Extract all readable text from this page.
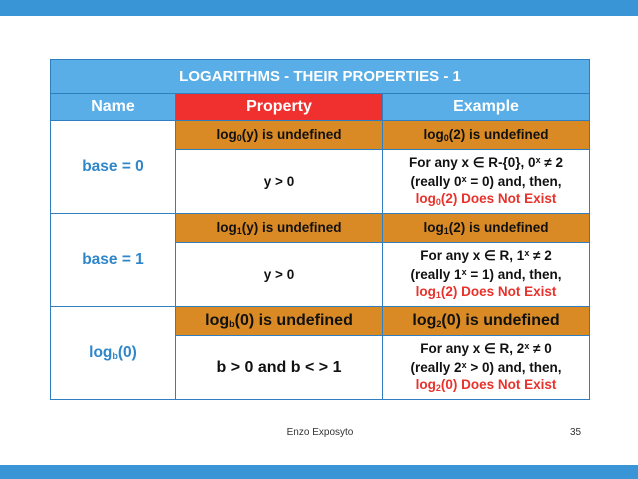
LOGARITHMS - THEIR PROPERTIES - 1		
Name	Property	Example
base = 0	$\log_0(y)$ is undefined	$\log_0(2)$ is undefined
	y > 0	For any x ∈ R-{0}, $0^x \ne 2$
(really $0^x = 0$) and, then,
$\log_0(2)$ Does Not Exist

base = 1	$\log_1(y)$ is undefined	$\log_1(2)$ is undefined
	y > 0	For any x ∈ R, $1^x \ne 2$
(really $1^x = 1$) and, then,
$\log_1(2)$ Does Not Exist

$\log_b(0)$	$\log_b(0)$ is undefined	$\log_2(0)$ is undefined
	b > 0 and b < > 1	For any x ∈ R, $2^x \ne 0$
(really $2^x > 0$) and, then,
$\log_2(0)$ Does Not Exist
Enzo Exposyto	35
